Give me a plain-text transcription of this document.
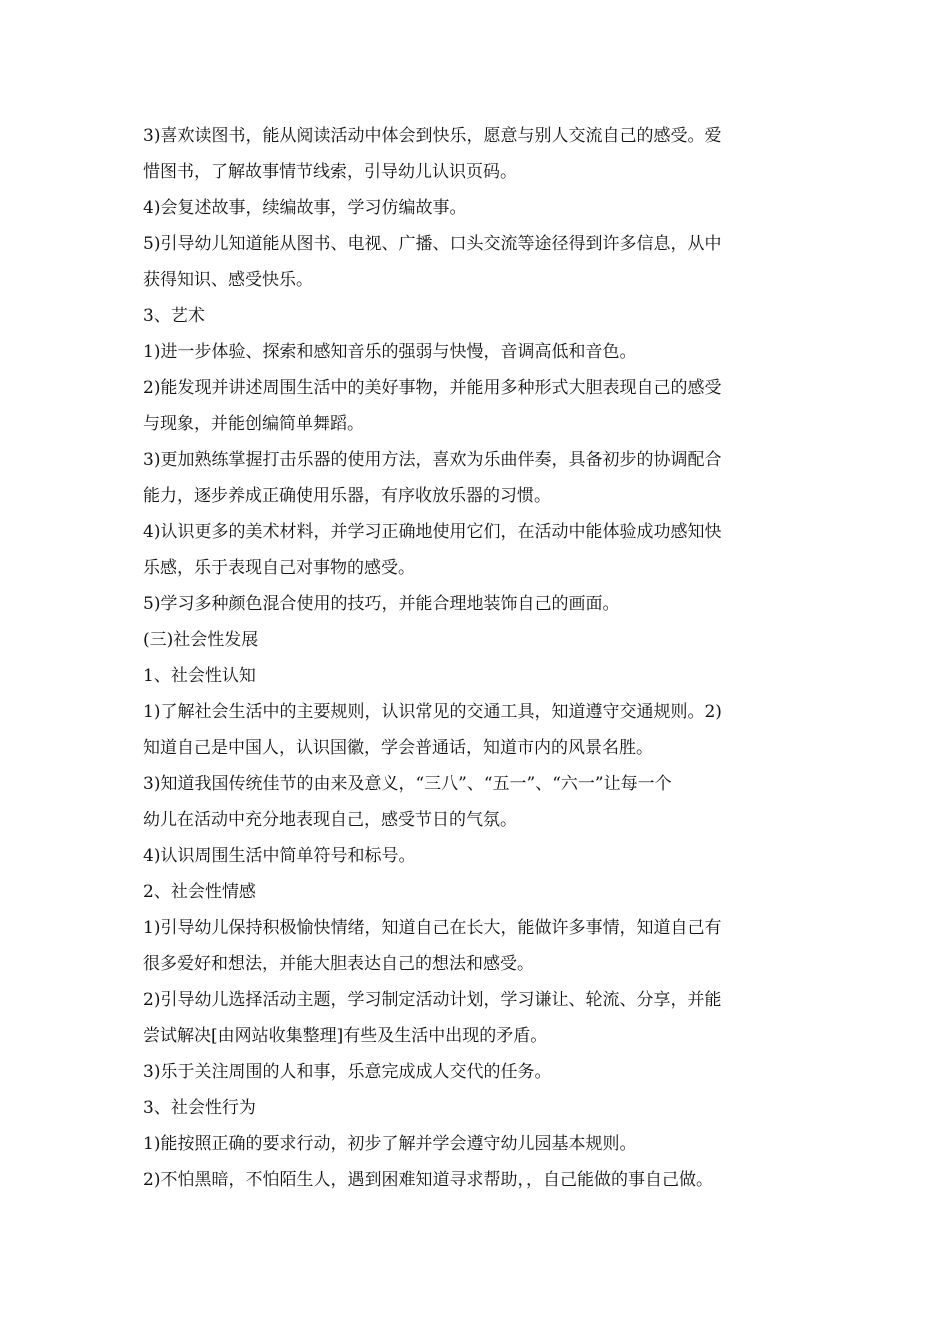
3)喜欢读图书，能从阅读活动中体会到快乐，愿意与别人交流自己的感受。爱
惜图书，了解故事情节线索，引导幼儿认识页码。
4)会复述故事，续编故事，学习仿编故事。
5)引导幼儿知道能从图书、电视、广播、口头交流等途径得到许多信息，从中
获得知识、感受快乐。
3、艺术
1)进一步体验、探索和感知音乐的强弱与快慢，音调高低和音色。
2)能发现并讲述周围生活中的美好事物，并能用多种形式大胆表现自己的感受
与现象，并能创编简单舞蹈。
3)更加熟练掌握打击乐器的使用方法，喜欢为乐曲伴奏，具备初步的协调配合
能力，逐步养成正确使用乐器，有序收放乐器的习惯。
4)认识更多的美术材料，并学习正确地使用它们，在活动中能体验成功感知快
乐感，乐于表现自己对事物的感受。
5)学习多种颜色混合使用的技巧，并能合理地装饰自己的画面。
(三)社会性发展
1、社会性认知
1)了解社会生活中的主要规则，认识常见的交通工具，知道遵守交通规则。2)
知道自己是中国人，认识国徽，学会普通话，知道市内的风景名胜。
3)知道我国传统佳节的由来及意义，“三八”、“五一”、“六一”让每一个
幼儿在活动中充分地表现自己，感受节日的气氛。
4)认识周围生活中简单符号和标号。
2、社会性情感
1)引导幼儿保持积极愉快情绪，知道自己在长大，能做许多事情，知道自己有
很多爱好和想法，并能大胆表达自己的想法和感受。
2)引导幼儿选择活动主题，学习制定活动计划，学习谦让、轮流、分享，并能
尝试解决[由网站收集整理]有些及生活中出现的矛盾。
3)乐于关注周围的人和事，乐意完成成人交代的任务。
3、社会性行为
1)能按照正确的要求行动，初步了解并学会遵守幼儿园基本规则。
2)不怕黑暗，不怕陌生人，遇到困难知道寻求帮助，，自己能做的事自己做。
